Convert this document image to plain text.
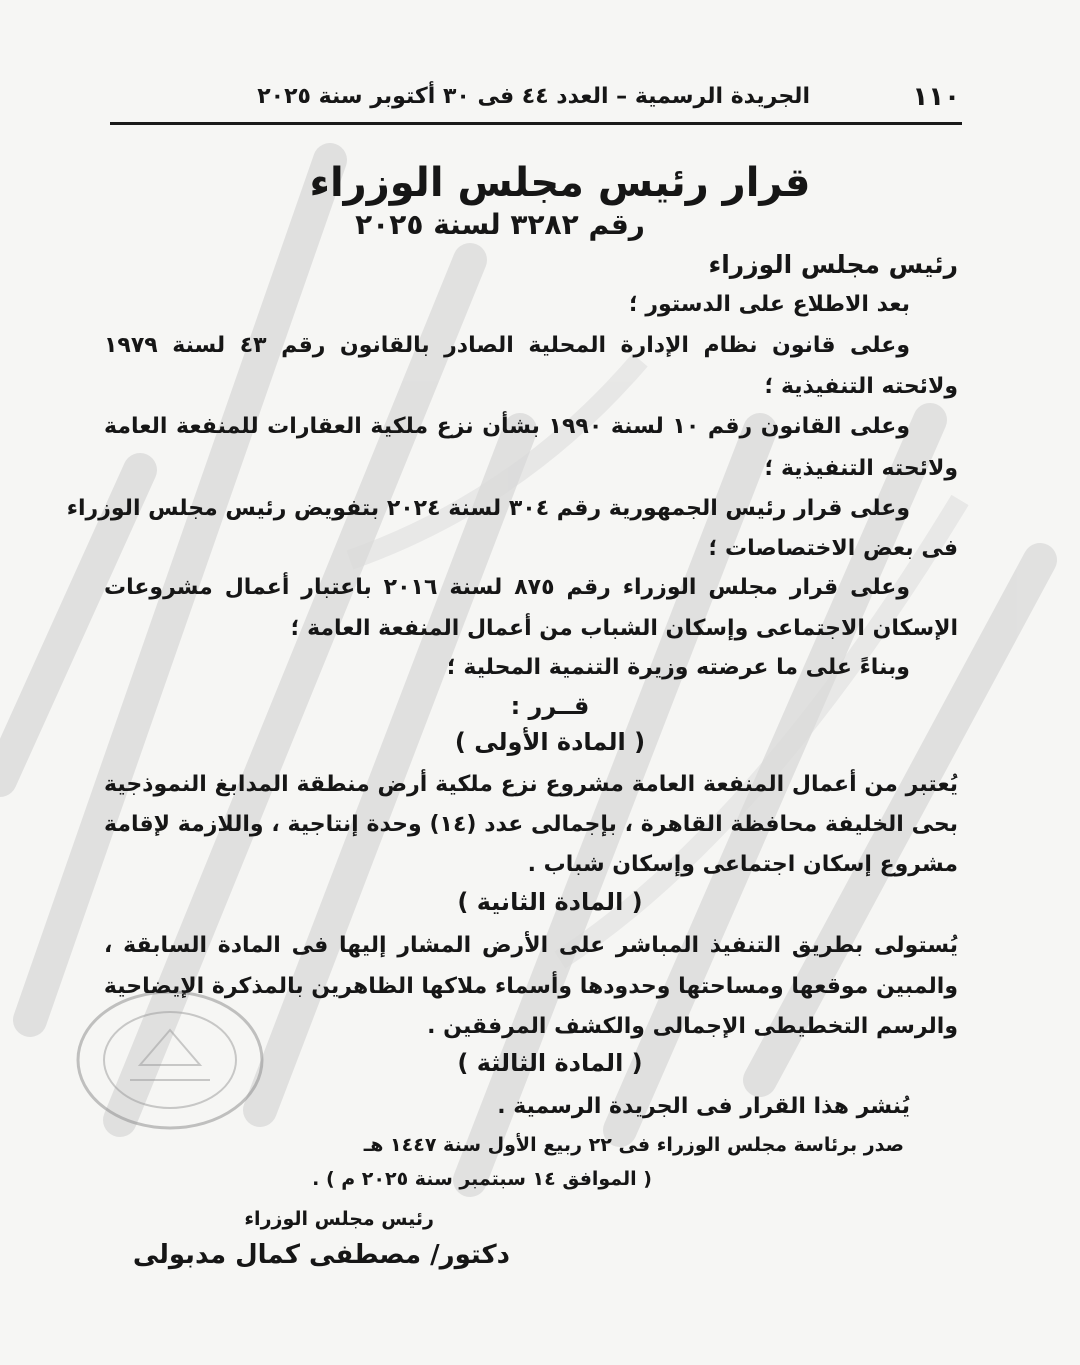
١١٠
الجريدة الرسمية – العدد ٤٤ فى ٣٠ أكتوبر سنة ٢٠٢٥
قرار رئيس مجلس الوزراء
رقم ٣٢٨٢ لسنة ٢٠٢٥
رئيس مجلس الوزراء
بعد الاطلاع على الدستور ؛
وعلى قانون نظام الإدارة المحلية الصادر بالقانون رقم ٤٣ لسنة ١٩٧٩
ولائحته التنفيذية ؛
وعلى القانون رقم ١٠ لسنة ١٩٩٠ بشأن نزع ملكية العقارات للمنفعة العامة
ولائحته التنفيذية ؛
وعلى قرار رئيس الجمهورية رقم ٣٠٤ لسنة ٢٠٢٤ بتفويض رئيس مجلس الوزراء
فى بعض الاختصاصات ؛
وعلى قرار مجلس الوزراء رقم ٨٧٥ لسنة ٢٠١٦ باعتبار أعمال مشروعات
الإسكان الاجتماعى وإسكان الشباب من أعمال المنفعة العامة ؛
وبناءً على ما عرضته وزيرة التنمية المحلية ؛
قــرر :
( المادة الأولى )
يُعتبر من أعمال المنفعة العامة مشروع نزع ملكية أرض منطقة المدابغ النموذجية
بحى الخليفة محافظة القاهرة ، بإجمالى عدد (١٤) وحدة إنتاجية ، واللازمة لإقامة
مشروع إسكان اجتماعى وإسكان شباب .
( المادة الثانية )
يُستولى بطريق التنفيذ المباشر على الأرض المشار إليها فى المادة السابقة ،
والمبين موقعها ومساحتها وحدودها وأسماء ملاكها الظاهرين بالمذكرة الإيضاحية
والرسم التخطيطى الإجمالى والكشف المرفقين .
( المادة الثالثة )
يُنشر هذا القرار فى الجريدة الرسمية .
صدر برئاسة مجلس الوزراء فى ٢٢ ربيع الأول سنة ١٤٤٧ هـ
( الموافق ١٤ سبتمبر سنة ٢٠٢٥ م ) .
رئيس مجلس الوزراء
دكتور/ مصطفى كمال مدبولى
